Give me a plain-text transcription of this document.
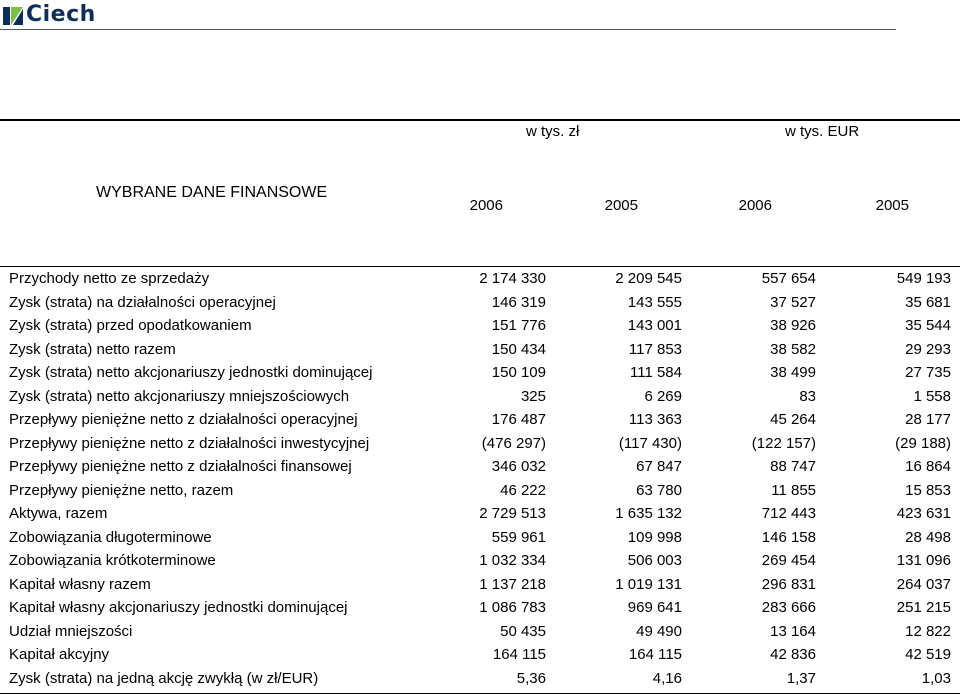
Ciech
w tys. zł	w tys. EUR
WYBRANE DANE FINANSOWE
2006	2005	2006	2005
Przychody netto ze sprzedaży	2 174 330	2 209 545	557 654	549 193
Zysk (strata) na działalności operacyjnej	146 319	143 555	37 527	35 681
Zysk (strata) przed opodatkowaniem	151 776	143 001	38 926	35 544
Zysk (strata) netto razem	150 434	117 853	38 582	29 293
Zysk (strata) netto akcjonariuszy jednostki dominującej	150 109	111 584	38 499	27 735
Zysk (strata) netto akcjonariuszy mniejszościowych	325	6 269	83	1 558
Przepływy pieniężne netto z działalności operacyjnej	176 487	113 363	45 264	28 177
Przepływy pieniężne netto z działalności inwestycyjnej	(476 297)	(117 430)	(122 157)	(29 188)
Przepływy pieniężne netto z działalności finansowej	346 032	67 847	88 747	16 864
Przepływy pieniężne netto, razem	46 222	63 780	11 855	15 853
Aktywa, razem	2 729 513	1 635 132	712 443	423 631
Zobowiązania długoterminowe	559 961	109 998	146 158	28 498
Zobowiązania krótkoterminowe	1 032 334	506 003	269 454	131 096
Kapitał własny razem	1 137 218	1 019 131	296 831	264 037
Kapitał własny akcjonariuszy jednostki dominującej	1 086 783	969 641	283 666	251 215
Udział mniejszości	50 435	49 490	13 164	12 822
Kapitał akcyjny	164 115	164 115	42 836	42 519
Zysk (strata) na jedną akcję zwykłą (w zł/EUR)	5,36	4,16	1,37	1,03
